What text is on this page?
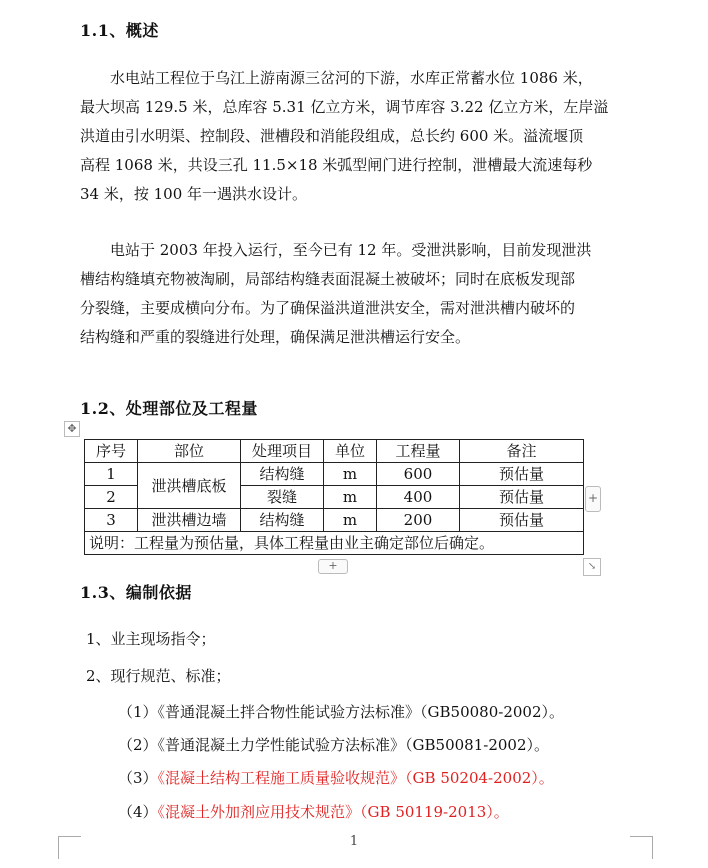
1.1、概述
水电站工程位于乌江上游南源三岔河的下游，水库正常蓄水位 1086 米，
最大坝高 129.5 米，总库容 5.31 亿立方米，调节库容 3.22 亿立方米，左岸溢
洪道由引水明渠、控制段、泄槽段和消能段组成，总长约 600 米。溢流堰顶
高程 1068 米，共设三孔 11.5×18 米弧型闸门进行控制，泄槽最大流速每秒
34 米，按 100 年一遇洪水设计。
电站于 2003 年投入运行，至今已有 12 年。受泄洪影响，目前发现泄洪
槽结构缝填充物被淘刷，局部结构缝表面混凝土被破坏；同时在底板发现部
分裂缝，主要成横向分布。为了确保溢洪道泄洪安全，需对泄洪槽内破坏的
结构缝和严重的裂缝进行处理，确保满足泄洪槽运行安全。
1.2、处理部位及工程量
✥
序号	部位	处理项目	单位	工程量	备注
1	泄洪槽底板	结构缝	m	600	预估量
2		裂缝	m	400	预估量
3	泄洪槽边墙	结构缝	m	200	预估量
说明：工程量为预估量，具体工程量由业主确定部位后确定。					
+
+	↘
1.3、编制依据
1、业主现场指令；
2、现行规范、标准；
（1）《普通混凝土拌合物性能试验方法标准》（GB50080-2002）。
（2）《普通混凝土力学性能试验方法标准》（GB50081-2002）。
（3）《混凝土结构工程施工质量验收规范》（GB 50204-2002）。
（4）《混凝土外加剂应用技术规范》（GB 50119-2013）。
1
